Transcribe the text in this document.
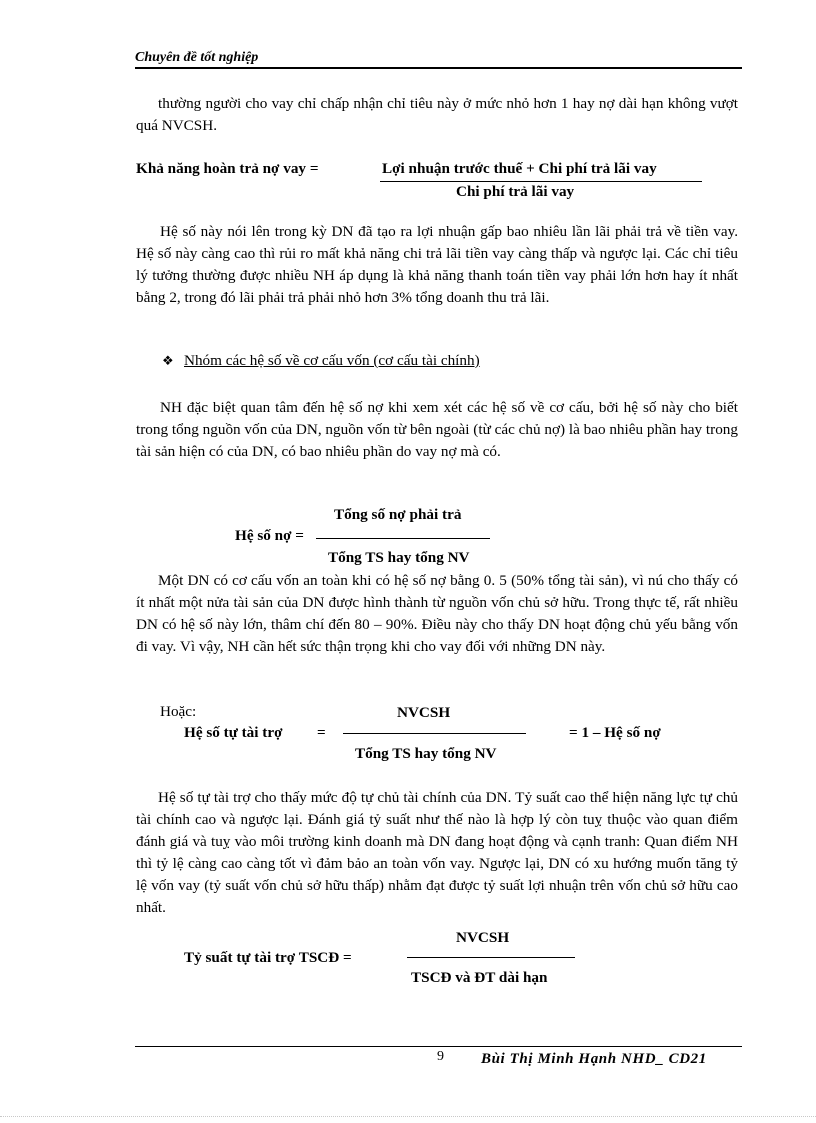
Chuyên đề tốt nghiệp

thường người cho vay chỉ chấp nhận chỉ tiêu này ở mức nhỏ hơn 1 hay nợ dài hạn không vượt quá NVCSH.

Khả năng hoàn trả nợ vay =	Lợi nhuận trước thuế + Chi phí trả lãi vay
Chi phí trả lãi vay

Hệ số này nói lên trong kỳ DN đã tạo ra lợi nhuận gấp bao nhiêu lần lãi phải trả về tiền vay. Hệ số này càng cao thì rủi ro mất khả năng chi trả lãi tiền vay càng thấp và ngược lại. Các chỉ tiêu lý tưởng thường được nhiều NH áp dụng là khả năng thanh toán tiền vay phải lớn hơn hay ít nhất bằng 2, trong đó lãi phải trả phải nhỏ hơn 3% tổng doanh thu trả lãi.

❖ Nhóm các hệ số về cơ cấu vốn (cơ cấu tài chính)

NH đặc biệt quan tâm đến hệ số nợ khi xem xét các hệ số về cơ cấu, bởi hệ số này cho biết trong tổng nguồn vốn của DN, nguồn vốn từ bên ngoài (từ các chủ nợ) là bao nhiêu phần hay trong tài sản hiện có của DN, có bao nhiêu phần do vay nợ mà có.

Tổng số nợ phải trả
Hệ số nợ =
Tổng TS hay tổng NV

Một DN có cơ cấu vốn an toàn khi có hệ số nợ bằng 0. 5 (50% tổng tài sản), vì nú cho thấy có ít nhất một nửa tài sản của DN được hình thành từ nguồn vốn chủ sở hữu. Trong thực tế, rất nhiều DN có hệ số này lớn, thâm chí đến 80 – 90%. Điều này cho thấy DN hoạt động chủ yếu bằng vốn đi vay. Vì vậy, NH cần hết sức thận trọng khi cho vay đối với những DN này.

Hoặc:	NVCSH
Hệ số tự tài trợ =	= 1 – Hệ số nợ
Tổng TS hay tổng NV

Hệ số tự tài trợ cho thấy mức độ tự chủ tài chính của DN. Tỷ suất cao thể hiện năng lực tự chủ tài chính cao và ngược lại. Đánh giá tỷ suất như thế nào là hợp lý còn tuỵ thuộc vào quan điểm đánh giá và tuỵ vào môi trường kinh doanh mà DN đang hoạt động và cạnh tranh: Quan điểm NH thì tỷ lệ càng cao càng tốt vì đảm bảo an toàn vốn vay. Ngược lại, DN có xu hướng muốn tăng tỷ lệ vốn vay (tỷ suất vốn chủ sở hữu thấp) nhằm đạt được tỷ suất lợi nhuận trên vốn chủ sở hữu cao nhất.

NVCSH
Tỷ suất tự tài trợ TSCĐ =
TSCĐ và ĐT dài hạn
9 Bùi Thị Minh Hạnh NHD_ CD21
